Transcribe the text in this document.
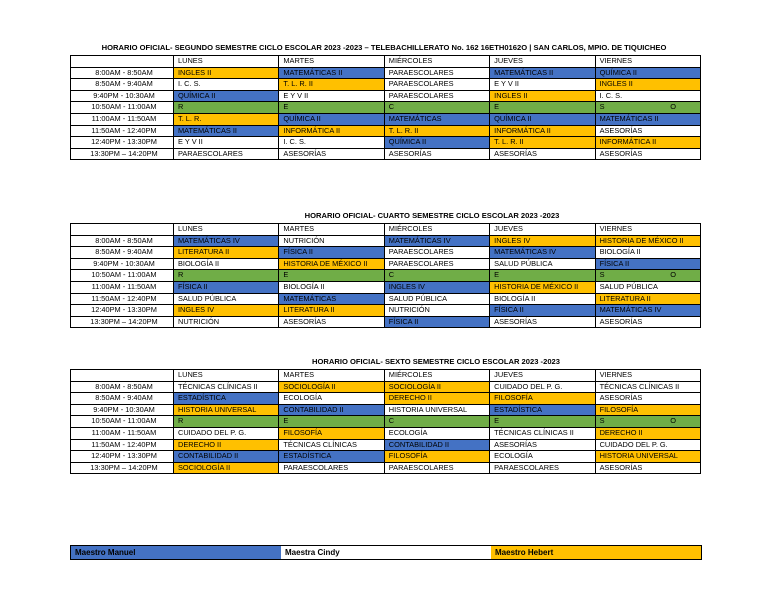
HORARIO OFICIAL- SEGUNDO SEMESTRE CICLO ESCOLAR 2023 -2023 – TELEBACHILLERATO No. 162 16ETH0162O | SAN CARLOS, MPIO. DE TIQUICHEO
	LUNES	MARTES	MIÉRCOLES	JUEVES	VIERNES
8:00AM - 8:50AM	INGLES II	MATEMÁTICAS II	PARAESCOLARES	MATEMÁTICAS II	QUÍMICA II
8:50AM - 9:40AM	I. C. S.	T. L. R. II	PARAESCOLARES	E Y V II	INGLES II
9:40PM - 10:30AM	QUÍMICA II	E Y V II	PARAESCOLARES	INGLES II	I. C. S.
10:50AM - 11:00AM	R	E	C	E	S O

11:00AM - 11:50AM	T. L. R.	QUÍMICA II	MATEMÁTICAS	QUÍMICA II	MATEMÁTICAS II
11:50AM - 12:40PM	MATEMÁTICAS II	INFORMÁTICA II	T. L. R. II	INFORMÁTICA II	ASESORÍAS
12:40PM - 13:30PM	E Y V II	I. C. S.	QUÍMICA II	T. L. R. II	INFORMÁTICA II
13:30PM – 14:20PM	PARAESCOLARES	ASESORÍAS	ASESORÍAS	ASESORÍAS	ASESORÍAS
HORARIO OFICIAL- CUARTO SEMESTRE CICLO ESCOLAR 2023 -2023
	LUNES	MARTES	MIÉRCOLES	JUEVES	VIERNES
8:00AM - 8:50AM	MATEMÁTICAS IV	NUTRICIÓN	MATEMÁTICAS IV	INGLES IV	HISTORIA DE MÉXICO II
8:50AM - 9:40AM	LITERATURA II	FÍSICA II	PARAESCOLARES	MATEMÁTICAS IV	BIOLOGÍA II
9:40PM - 10:30AM	BIOLOGÍA II	HISTORIA DE MÉXICO II	PARAESCOLARES	SALUD PÚBLICA	FÍSICA II
10:50AM - 11:00AM	R	E	C	E	S O

11:00AM - 11:50AM	FÍSICA II	BIOLOGÍA II	INGLES IV	HISTORIA DE MÉXICO II	SALUD PÚBLICA
11:50AM - 12:40PM	SALUD PÚBLICA	MATEMÁTICAS	SALUD PÚBLICA	BIOLOGÍA II	LITERATURA II
12:40PM - 13:30PM	INGLES IV	LITERATURA II	NUTRICIÓN	FÍSICA II	MATEMÁTICAS IV
13:30PM – 14:20PM	NUTRICIÓN	ASESORÍAS	FÍSICA II	ASESORÍAS	ASESORÍAS
HORARIO OFICIAL- SEXTO SEMESTRE CICLO ESCOLAR 2023 -2023
	LUNES	MARTES	MIÉRCOLES	JUEVES	VIERNES
8:00AM - 8:50AM	TÉCNICAS CLÍNICAS II	SOCIOLOGÍA II	SOCIOLOGÍA II	CUIDADO DEL P. G.	TÉCNICAS CLÍNICAS II
8:50AM - 9:40AM	ESTADÍSTICA	ECOLOGÍA	DERECHO II	FILOSOFÍA	ASESORÍAS
9:40PM - 10:30AM	HISTORIA UNIVERSAL	CONTABILIDAD II	HISTORIA UNIVERSAL	ESTADÍSTICA	FILOSOFÍA
10:50AM - 11:00AM	R	E	C	E	S O

11:00AM - 11:50AM	CUIDADO DEL P. G.	FILOSOFÍA	ECOLOGÍA	TÉCNICAS CLÍNICAS II	DERECHO II
11:50AM - 12:40PM	DERECHO II	TÉCNICAS CLÍNICAS	CONTABILIDAD II	ASESORÍAS	CUIDADO DEL P. G.
12:40PM - 13:30PM	CONTABILIDAD II	ESTADÍSTICA	FILOSOFÍA	ECOLOGÍA	HISTORIA UNIVERSAL
13:30PM – 14:20PM	SOCIOLOGÍA II	PARAESCOLARES	PARAESCOLARES	PARAESCOLARES	ASESORÍAS
Maestro Manuel	Maestra Cindy	Maestro Hebert
